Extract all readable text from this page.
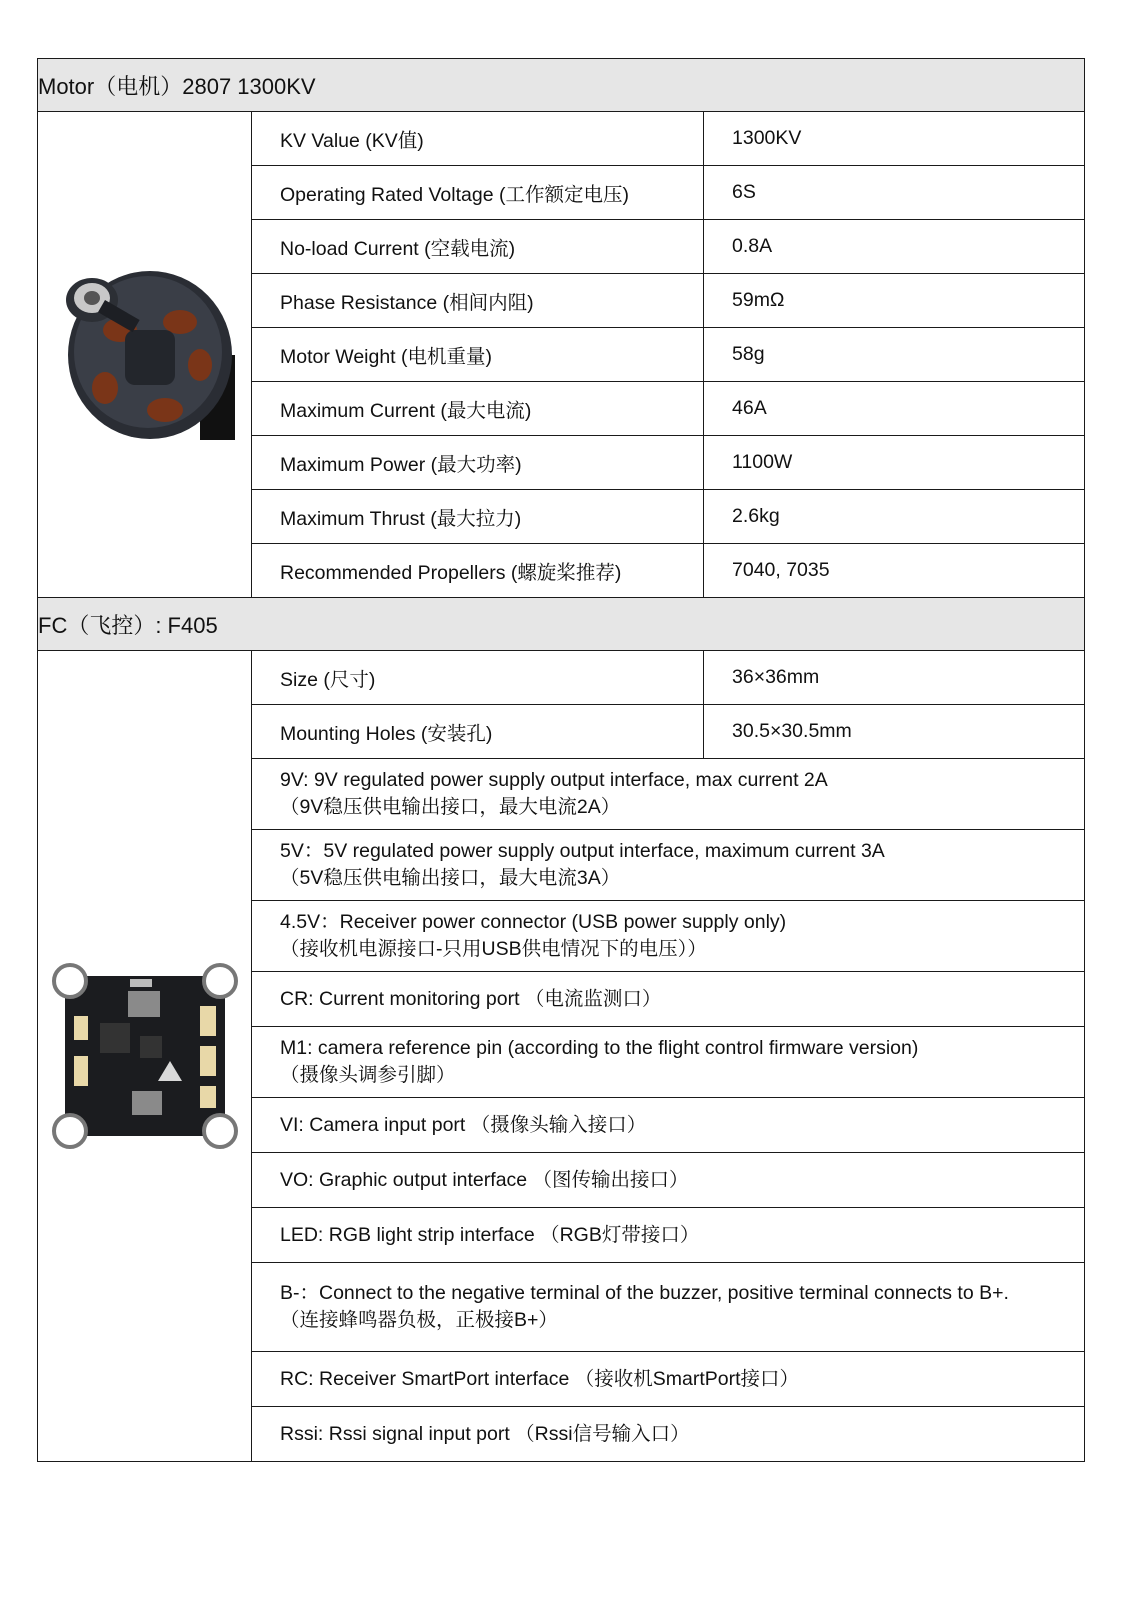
Motor（电机）2807 1300KV		

	KV Value (KV值)	1300KV
	Operating Rated Voltage (工作额定电压)	6S
	No-load Current (空载电流)	0.8A
	Phase Resistance (相间内阻)	59mΩ
	Motor Weight (电机重量)	58g
	Maximum Current (最大电流)	46A
	Maximum Power (最大功率)	1100W
	Maximum Thrust (最大拉力)	2.6kg
	Recommended Propellers (螺旋桨推荐)	7040, 7035
FC（飞控）: F405		

	Size (尺寸)	36×36mm
	Mounting Holes (安装孔)	30.5×30.5mm

	9V: 9V regulated power supply output interface, max current 2A
（9V稳压供电输出接口，最大电流2A）	

	5V：5V regulated power supply output interface, maximum current 3A
（5V稳压供电输出接口，最大电流3A）	

	4.5V：Receiver power connector (USB power supply only)
（接收机电源接口-只用USB供电情况下的电压））	

	CR: Current monitoring port （电流监测口）	

	M1: camera reference pin (according to the flight control firmware version)
（摄像头调参引脚）	

	VI: Camera input port （摄像头输入接口）	

	VO: Graphic output interface （图传输出接口）	

	LED: RGB light strip interface （RGB灯带接口）	

	B-：Connect to the negative terminal of the buzzer, positive terminal connects to B+.
（连接蜂鸣器负极，正极接B+）	

	RC: Receiver SmartPort interface （接收机SmartPort接口）	

	Rssi: Rssi signal input port （Rssi信号输入口）	
